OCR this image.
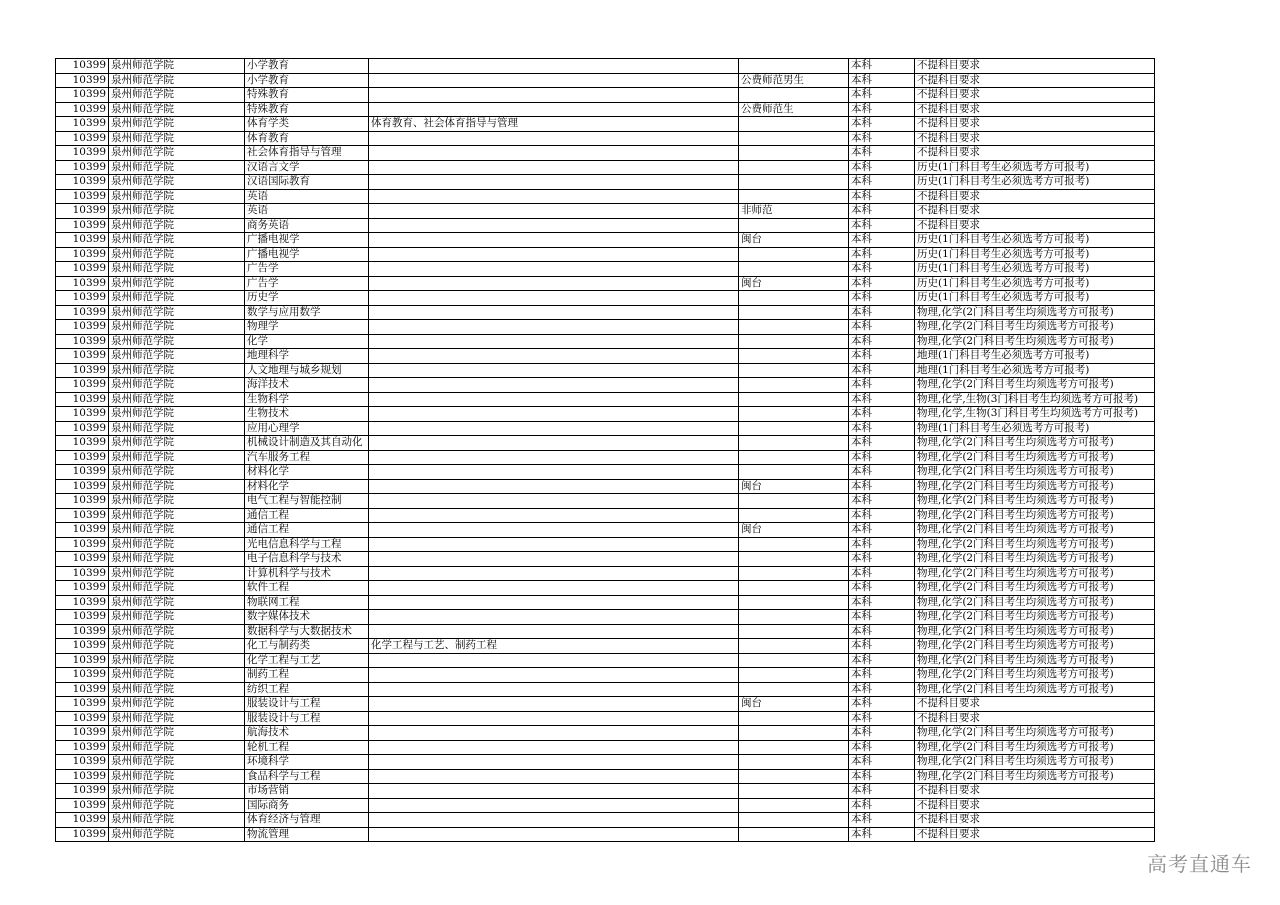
10399	泉州师范学院	小学教育			本科	不提科目要求
10399	泉州师范学院	小学教育		公费师范男生	本科	不提科目要求
10399	泉州师范学院	特殊教育			本科	不提科目要求
10399	泉州师范学院	特殊教育		公费师范生	本科	不提科目要求
10399	泉州师范学院	体育学类	体育教育、社会体育指导与管理		本科	不提科目要求
10399	泉州师范学院	体育教育			本科	不提科目要求
10399	泉州师范学院	社会体育指导与管理			本科	不提科目要求
10399	泉州师范学院	汉语言文学			本科	历史(1门科目考生必须选考方可报考)
10399	泉州师范学院	汉语国际教育			本科	历史(1门科目考生必须选考方可报考)
10399	泉州师范学院	英语			本科	不提科目要求
10399	泉州师范学院	英语		非师范	本科	不提科目要求
10399	泉州师范学院	商务英语			本科	不提科目要求
10399	泉州师范学院	广播电视学		闽台	本科	历史(1门科目考生必须选考方可报考)
10399	泉州师范学院	广播电视学			本科	历史(1门科目考生必须选考方可报考)
10399	泉州师范学院	广告学			本科	历史(1门科目考生必须选考方可报考)
10399	泉州师范学院	广告学		闽台	本科	历史(1门科目考生必须选考方可报考)
10399	泉州师范学院	历史学			本科	历史(1门科目考生必须选考方可报考)
10399	泉州师范学院	数学与应用数学			本科	物理,化学(2门科目考生均须选考方可报考)
10399	泉州师范学院	物理学			本科	物理,化学(2门科目考生均须选考方可报考)
10399	泉州师范学院	化学			本科	物理,化学(2门科目考生均须选考方可报考)
10399	泉州师范学院	地理科学			本科	地理(1门科目考生必须选考方可报考)
10399	泉州师范学院	人文地理与城乡规划			本科	地理(1门科目考生必须选考方可报考)
10399	泉州师范学院	海洋技术			本科	物理,化学(2门科目考生均须选考方可报考)
10399	泉州师范学院	生物科学			本科	物理,化学,生物(3门科目考生均须选考方可报考)
10399	泉州师范学院	生物技术			本科	物理,化学,生物(3门科目考生均须选考方可报考)
10399	泉州师范学院	应用心理学			本科	物理(1门科目考生必须选考方可报考)
10399	泉州师范学院	机械设计制造及其自动化			本科	物理,化学(2门科目考生均须选考方可报考)
10399	泉州师范学院	汽车服务工程			本科	物理,化学(2门科目考生均须选考方可报考)
10399	泉州师范学院	材料化学			本科	物理,化学(2门科目考生均须选考方可报考)
10399	泉州师范学院	材料化学		闽台	本科	物理,化学(2门科目考生均须选考方可报考)
10399	泉州师范学院	电气工程与智能控制			本科	物理,化学(2门科目考生均须选考方可报考)
10399	泉州师范学院	通信工程			本科	物理,化学(2门科目考生均须选考方可报考)
10399	泉州师范学院	通信工程		闽台	本科	物理,化学(2门科目考生均须选考方可报考)
10399	泉州师范学院	光电信息科学与工程			本科	物理,化学(2门科目考生均须选考方可报考)
10399	泉州师范学院	电子信息科学与技术			本科	物理,化学(2门科目考生均须选考方可报考)
10399	泉州师范学院	计算机科学与技术			本科	物理,化学(2门科目考生均须选考方可报考)
10399	泉州师范学院	软件工程			本科	物理,化学(2门科目考生均须选考方可报考)
10399	泉州师范学院	物联网工程			本科	物理,化学(2门科目考生均须选考方可报考)
10399	泉州师范学院	数字媒体技术			本科	物理,化学(2门科目考生均须选考方可报考)
10399	泉州师范学院	数据科学与大数据技术			本科	物理,化学(2门科目考生均须选考方可报考)
10399	泉州师范学院	化工与制药类	化学工程与工艺、制药工程		本科	物理,化学(2门科目考生均须选考方可报考)
10399	泉州师范学院	化学工程与工艺			本科	物理,化学(2门科目考生均须选考方可报考)
10399	泉州师范学院	制药工程			本科	物理,化学(2门科目考生均须选考方可报考)
10399	泉州师范学院	纺织工程			本科	物理,化学(2门科目考生均须选考方可报考)
10399	泉州师范学院	服装设计与工程		闽台	本科	不提科目要求
10399	泉州师范学院	服装设计与工程			本科	不提科目要求
10399	泉州师范学院	航海技术			本科	物理,化学(2门科目考生均须选考方可报考)
10399	泉州师范学院	轮机工程			本科	物理,化学(2门科目考生均须选考方可报考)
10399	泉州师范学院	环境科学			本科	物理,化学(2门科目考生均须选考方可报考)
10399	泉州师范学院	食品科学与工程			本科	物理,化学(2门科目考生均须选考方可报考)
10399	泉州师范学院	市场营销			本科	不提科目要求
10399	泉州师范学院	国际商务			本科	不提科目要求
10399	泉州师范学院	体育经济与管理			本科	不提科目要求
10399	泉州师范学院	物流管理			本科	不提科目要求
高考直通车
